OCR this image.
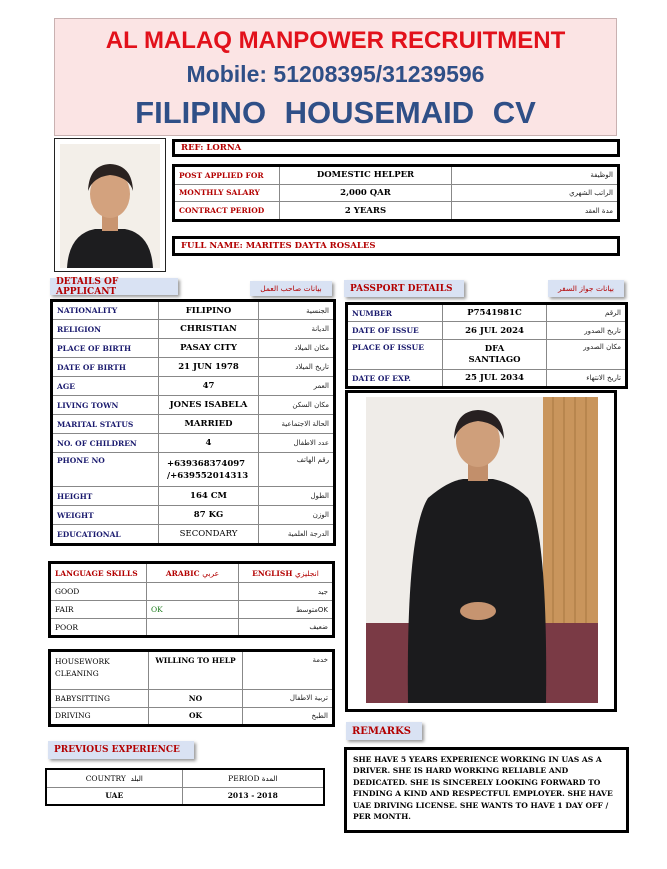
AL MALAQ MANPOWER RECRUITMENT
Mobile: 51208395/31239596
FILIPINO HOUSEMAID CV
REF: LORNA
POST APPLIED FOR	DOMESTIC HELPER	الوظيفة
MONTHLY SALARY	2,000 QAR	الراتب الشهري
CONTRACT PERIOD	2 YEARS	مدة العقد
FULL NAME: MARITES DAYTA ROSALES
DETAILS OF APPLICANT	بيانات صاحب العمل
NATIONALITY	FILIPINO	الجنسية
RELIGION	CHRISTIAN	الديانة
PLACE OF BIRTH	PASAY CITY	مكان الميلاد
DATE OF BIRTH	21 JUN 1978	تاريخ الميلاد
AGE	47	العمر
LIVING TOWN	JONES ISABELA	مكان السكن
MARITAL STATUS	MARRIED	الحالة الاجتماعية
NO. OF CHILDREN	4	عدد الاطفال
PHONE NO	+639368374097
/+639552014313	رقم الهاتف
HEIGHT	164 CM	الطول
WEIGHT	87 KG	الوزن
EDUCATIONAL	SECONDARY	الدرجة العلمية
PASSPORT DETAILS	بيانات جواز السفر
NUMBER	P7541981C	الرقم
DATE OF ISSUE	26 JUL 2024	تاريخ الصدور
PLACE OF ISSUE	DFA
SANTIAGO	مكان الصدور
DATE OF EXP.	25 JUL 2034	تاريخ الانتهاء
LANGUAGE SKILLS	ARABIC عربي	ENGLISH انجليزي
GOOD		جيد
FAIR	OK	متوسطOK
POOR		ضعيف
HOUSEWORK
CLEANING	WILLING TO HELP	خدمة
BABYSITTING	NO	تربية الاطفال
DRIVING	OK	الطبخ
PREVIOUS EXPERIENCE
COUNTRY البلد	PERIOD المدة
UAE	2013 - 2018
REMARKS
SHE HAVE 5 YEARS EXPERIENCE WORKING IN UAS AS A DRIVER. SHE IS HARD WORKING RELIABLE AND DEDICATED. SHE IS SINCERELY LOOKING FORWARD TO FINDING A KIND AND RESPECTFUL EMPLOYER. SHE HAVE UAE DRIVING LICENSE. SHE WANTS TO HAVE 1 DAY OFF / PER MONTH.
